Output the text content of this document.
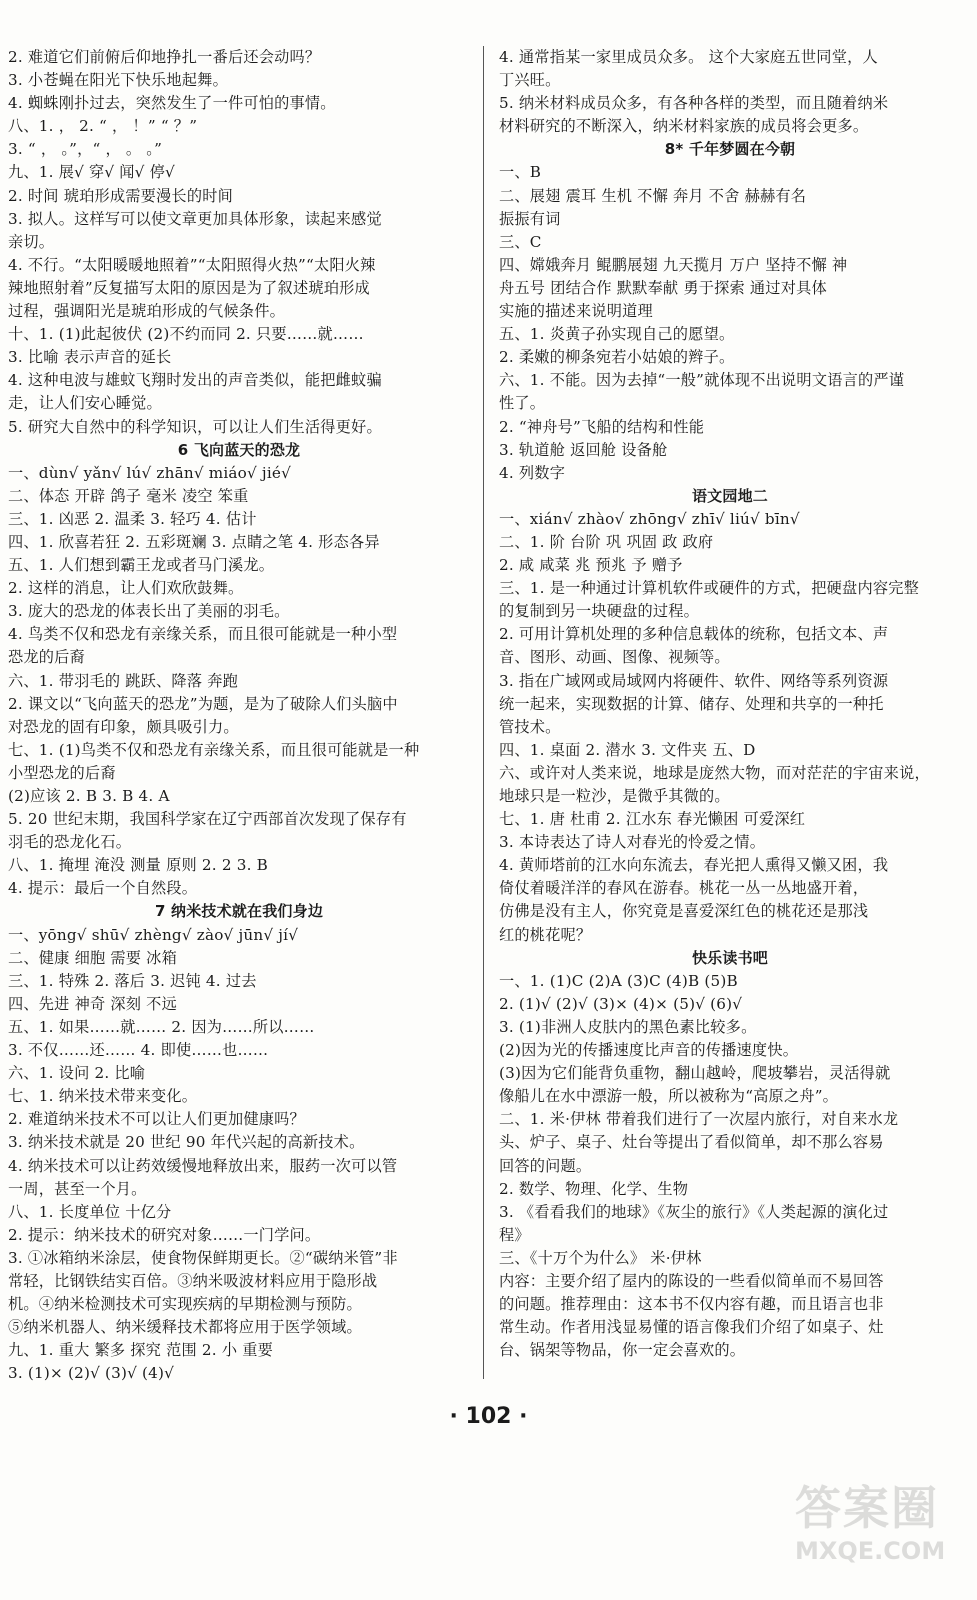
2. 难道它们前俯后仰地挣扎一番后还会动吗？
3. 小苍蝇在阳光下快乐地起舞。
4. 蜘蛛刚扑过去，突然发生了一件可怕的事情。
八、1. ， 2. “ ， ！” “ ？”
3. “ ， 。”，“ ， 。 。”
九、1. 展√ 穿√ 闻√ 停√
2. 时间 琥珀形成需要漫长的时间
3. 拟人。这样写可以使文章更加具体形象，读起来感觉
亲切。
4. 不行。“太阳暖暖地照着”“太阳照得火热”“太阳火辣
辣地照射着”反复描写太阳的原因是为了叙述琥珀形成
过程，强调阳光是琥珀形成的气候条件。
十、1. (1)此起彼伏 (2)不约而同 2. 只要……就……
3. 比喻 表示声音的延长
4. 这种电波与雄蚊飞翔时发出的声音类似，能把雌蚊骗
走，让人们安心睡觉。
5. 研究大自然中的科学知识，可以让人们生活得更好。
6 飞向蓝天的恐龙
一、dùn√ yǎn√ lú√ zhān√ miáo√ jié√
二、体态 开辟 鸽子 毫米 凌空 笨重
三、1. 凶恶 2. 温柔 3. 轻巧 4. 估计
四、1. 欣喜若狂 2. 五彩斑斓 3. 点睛之笔 4. 形态各异
五、1. 人们想到霸王龙或者马门溪龙。
2. 这样的消息，让人们欢欣鼓舞。
3. 庞大的恐龙的体表长出了美丽的羽毛。
4. 鸟类不仅和恐龙有亲缘关系，而且很可能就是一种小型
恐龙的后裔
六、1. 带羽毛的 跳跃、降落 奔跑
2. 课文以“飞向蓝天的恐龙”为题，是为了破除人们头脑中
对恐龙的固有印象，颇具吸引力。
七、1. (1)鸟类不仅和恐龙有亲缘关系，而且很可能就是一种
小型恐龙的后裔
(2)应该 2. B 3. B 4. A
5. 20 世纪末期，我国科学家在辽宁西部首次发现了保存有
羽毛的恐龙化石。
八、1. 掩埋 淹没 测量 原则 2. 2 3. B
4. 提示：最后一个自然段。
7 纳米技术就在我们身边
一、yōng√ shū√ zhèng√ zào√ jūn√ jí√
二、健康 细胞 需要 冰箱
三、1. 特殊 2. 落后 3. 迟钝 4. 过去
四、先进 神奇 深刻 不远
五、1. 如果……就…… 2. 因为……所以……
3. 不仅……还…… 4. 即使……也……
六、1. 设问 2. 比喻
七、1. 纳米技术带来变化。
2. 难道纳米技术不可以让人们更加健康吗？
3. 纳米技术就是 20 世纪 90 年代兴起的高新技术。
4. 纳米技术可以让药效缓慢地释放出来，服药一次可以管
一周，甚至一个月。
八、1. 长度单位 十亿分
2. 提示：纳米技术的研究对象……一门学问。
3. ①冰箱纳米涂层，使食物保鲜期更长。②“碳纳米管”非
常轻，比钢铁结实百倍。③纳米吸波材料应用于隐形战
机。④纳米检测技术可实现疾病的早期检测与预防。
⑤纳米机器人、纳米缓释技术都将应用于医学领域。
九、1. 重大 繁多 探究 范围 2. 小 重要
3. (1)× (2)√ (3)√ (4)√
4. 通常指某一家里成员众多。 这个大家庭五世同堂，人
丁兴旺。
5. 纳米材料成员众多，有各种各样的类型，而且随着纳米
材料研究的不断深入，纳米材料家族的成员将会更多。
8* 千年梦圆在今朝
一、B
二、展翅 震耳 生机 不懈 奔月 不舍 赫赫有名
振振有词
三、C
四、嫦娥奔月 鲲鹏展翅 九天揽月 万户 坚持不懈 神
舟五号 团结合作 默默奉献 勇于探索 通过对具体
实施的描述来说明道理
五、1. 炎黄子孙实现自己的愿望。
2. 柔嫩的柳条宛若小姑娘的辫子。
六、1. 不能。因为去掉“一般”就体现不出说明文语言的严谨
性了。
2. “神舟号”飞船的结构和性能
3. 轨道舱 返回舱 设备舱
4. 列数字
语文园地二
一、xián√ zhào√ zhōng√ zhī√ liú√ bīn√
二、1. 阶 台阶 巩 巩固 政 政府
2. 咸 咸菜 兆 预兆 予 赠予
三、1. 是一种通过计算机软件或硬件的方式，把硬盘内容完整
的复制到另一块硬盘的过程。
2. 可用计算机处理的多种信息载体的统称，包括文本、声
音、图形、动画、图像、视频等。
3. 指在广域网或局域网内将硬件、软件、网络等系列资源
统一起来，实现数据的计算、储存、处理和共享的一种托
管技术。
四、1. 桌面 2. 潜水 3. 文件夹 五、D
六、或许对人类来说，地球是庞然大物，而对茫茫的宇宙来说，
地球只是一粒沙，是微乎其微的。
七、1. 唐 杜甫 2. 江水东 春光懒困 可爱深红
3. 本诗表达了诗人对春光的怜爱之情。
4. 黄师塔前的江水向东流去，春光把人熏得又懒又困，我
倚仗着暖洋洋的春风在游春。桃花一丛一丛地盛开着，
仿佛是没有主人，你究竟是喜爱深红色的桃花还是那浅
红的桃花呢？
快乐读书吧
一、1. (1)C (2)A (3)C (4)B (5)B
2. (1)√ (2)√ (3)× (4)× (5)√ (6)√
3. (1)非洲人皮肤内的黑色素比较多。
(2)因为光的传播速度比声音的传播速度快。
(3)因为它们能背负重物，翻山越岭，爬坡攀岩，灵活得就
像船儿在水中漂游一般，所以被称为“高原之舟”。
二、1. 米·伊林 带着我们进行了一次屋内旅行，对自来水龙
头、炉子、桌子、灶台等提出了看似简单，却不那么容易
回答的问题。
2. 数学、物理、化学、生物
3. 《看看我们的地球》《灰尘的旅行》《人类起源的演化过
程》
三、《十万个为什么》 米·伊林
内容：主要介绍了屋内的陈设的一些看似简单而不易回答
的问题。推荐理由：这本书不仅内容有趣，而且语言也非
常生动。作者用浅显易懂的语言像我们介绍了如桌子、灶
台、锅架等物品，你一定会喜欢的。
· 102 ·
答案圈
MXQE.COM
